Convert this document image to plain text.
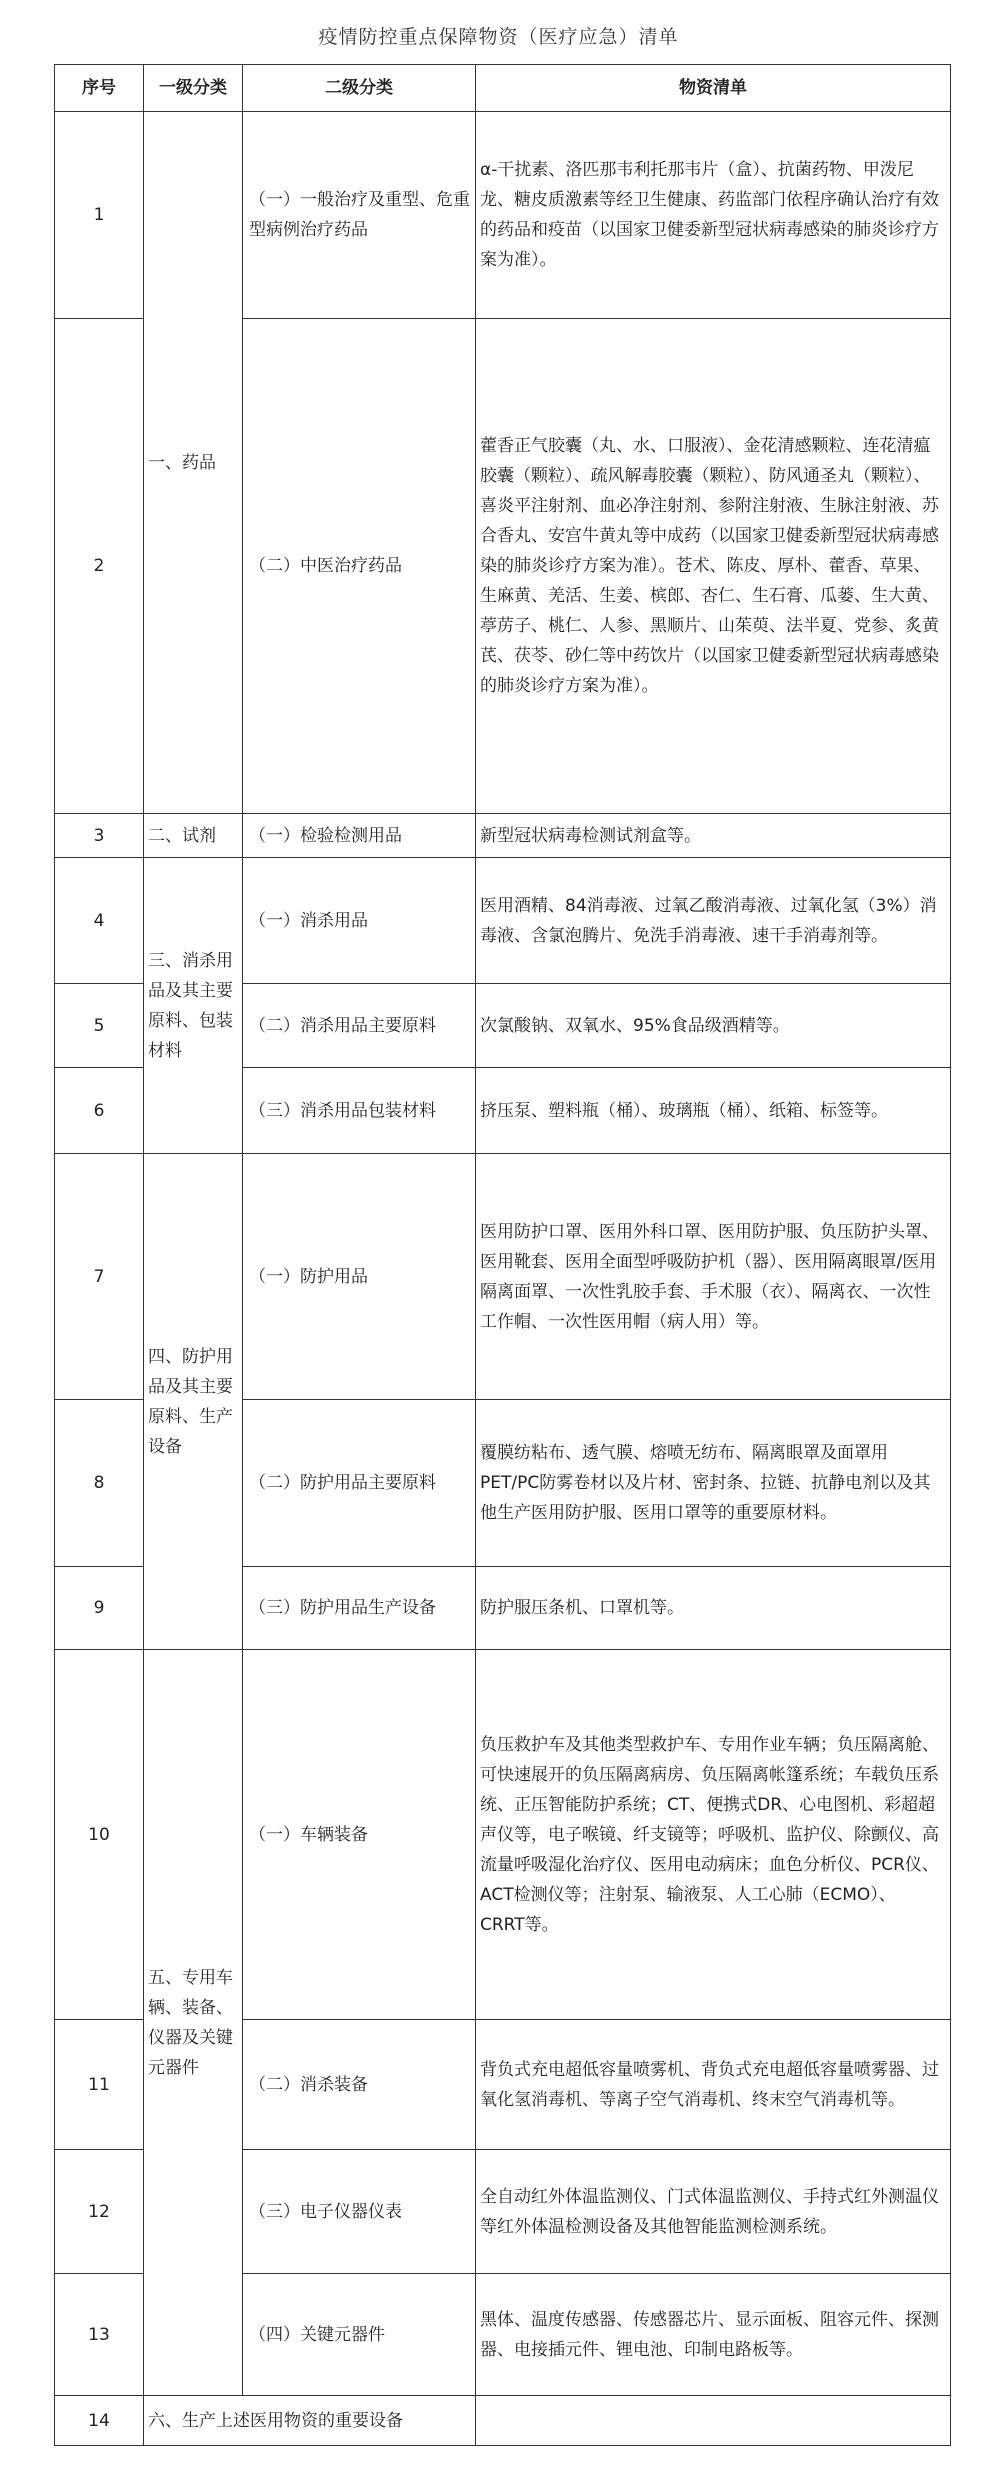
疫情防控重点保障物资（医疗应急）清单
序号	一级分类	二级分类	物资清单
1	一、药品	（一）一般治疗及重型、危重型病例治疗药品	α-干扰素、洛匹那韦利托那韦片（盒）、抗菌药物、甲泼尼龙、糖皮质激素等经卫生健康、药监部门依程序确认治疗有效的药品和疫苗（以国家卫健委新型冠状病毒感染的肺炎诊疗方案为准）。
2		（二）中医治疗药品	藿香正气胶囊（丸、水、口服液）、金花清感颗粒、连花清瘟胶囊（颗粒）、疏风解毒胶囊（颗粒）、防风通圣丸（颗粒）、喜炎平注射剂、血必净注射剂、参附注射液、生脉注射液、苏合香丸、安宫牛黄丸等中成药（以国家卫健委新型冠状病毒感染的肺炎诊疗方案为准）。苍术、陈皮、厚朴、藿香、草果、生麻黄、羌活、生姜、槟郎、杏仁、生石膏、瓜蒌、生大黄、葶苈子、桃仁、人参、黑顺片、山茱萸、法半夏、党参、炙黄芪、茯苓、砂仁等中药饮片（以国家卫健委新型冠状病毒感染的肺炎诊疗方案为准）。
3	二、试剂	（一）检验检测用品	新型冠状病毒检测试剂盒等。
4	三、消杀用品及其主要原料、包装材料	（一）消杀用品	医用酒精、84消毒液、过氧乙酸消毒液、过氧化氢（3%）消毒液、含氯泡腾片、免洗手消毒液、速干手消毒剂等。
5		（二）消杀用品主要原料	次氯酸钠、双氧水、95%食品级酒精等。
6		（三）消杀用品包装材料	挤压泵、塑料瓶（桶）、玻璃瓶（桶）、纸箱、标签等。
7	四、防护用品及其主要原料、生产设备	（一）防护用品	医用防护口罩、医用外科口罩、医用防护服、负压防护头罩、医用靴套、医用全面型呼吸防护机（器）、医用隔离眼罩/医用隔离面罩、一次性乳胶手套、手术服（衣）、隔离衣、一次性工作帽、一次性医用帽（病人用）等。
8		（二）防护用品主要原料	覆膜纺粘布、透气膜、熔喷无纺布、隔离眼罩及面罩用PET/PC防雾卷材以及片材、密封条、拉链、抗静电剂以及其他生产医用防护服、医用口罩等的重要原材料。
9		（三）防护用品生产设备	防护服压条机、口罩机等。
10	五、专用车辆、装备、仪器及关键元器件	（一）车辆装备	负压救护车及其他类型救护车、专用作业车辆；负压隔离舱、可快速展开的负压隔离病房、负压隔离帐篷系统；车载负压系统、正压智能防护系统；CT、便携式DR、心电图机、彩超超声仪等，电子喉镜、纤支镜等；呼吸机、监护仪、除颤仪、高流量呼吸湿化治疗仪、医用电动病床；血色分析仪、PCR仪、ACT检测仪等；注射泵、输液泵、人工心肺（ECMO）、CRRT等。
11		（二）消杀装备	背负式充电超低容量喷雾机、背负式充电超低容量喷雾器、过氧化氢消毒机、等离子空气消毒机、终末空气消毒机等。
12		（三）电子仪器仪表	全自动红外体温监测仪、门式体温监测仪、手持式红外测温仪等红外体温检测设备及其他智能监测检测系统。
13		（四）关键元器件	黑体、温度传感器、传感器芯片、显示面板、阻容元件、探测器、电接插元件、锂电池、印制电路板等。
14	六、生产上述医用物资的重要设备		
